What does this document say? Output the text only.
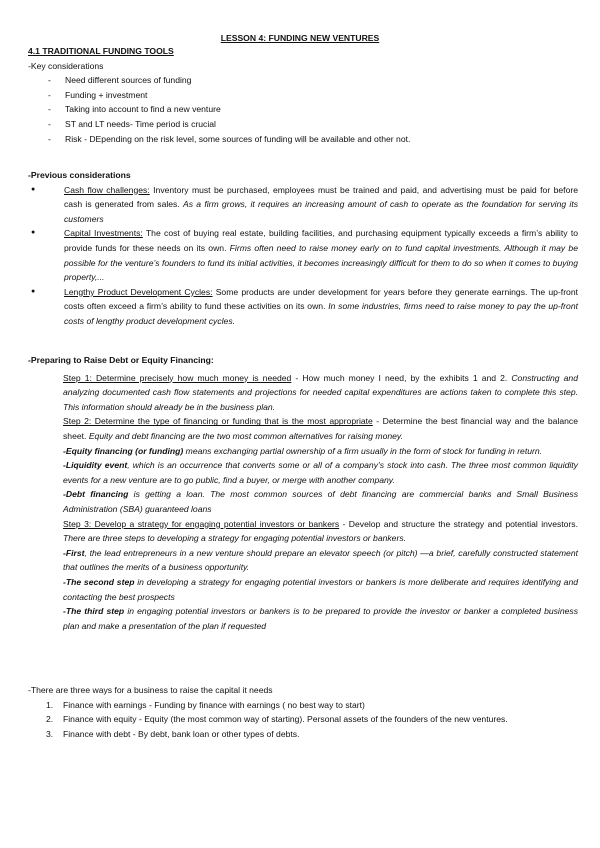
LESSON 4: FUNDING NEW VENTURES
4.1 TRADITIONAL FUNDING TOOLS
-Key considerations
- Need different sources of funding
- Funding + investment
- Taking into account to find a new venture
- ST and LT needs- Time period is crucial
- Risk - DEpending on the risk level, some sources of funding will be available and other not.
-Previous considerations
● Cash flow challenges: Inventory must be purchased, employees must be trained and paid, and advertising must be paid for before cash is generated from sales. As a firm grows, it requires an increasing amount of cash to operate as the foundation for serving its customers
● Capital Investments: The cost of buying real estate, building facilities, and purchasing equipment typically exceeds a firm’s ability to provide funds for these needs on its own. Firms often need to raise money early on to fund capital investments. Although it may be possible for the venture’s founders to fund its initial activities, it becomes increasingly difficult for them to do so when it comes to buying property,...
● Lengthy Product Development Cycles: Some products are under development for years before they generate earnings. The up-front costs often exceed a firm’s ability to fund these activities on its own. In some industries, firms need to raise money to pay the up-front costs of lengthy product development cycles.
-Preparing to Raise Debt or Equity Financing:
Step 1: Determine precisely how much money is needed - How much money I need, by the exhibits 1 and 2. Constructing and analyzing documented cash flow statements and projections for needed capital expenditures are actions taken to complete this step. This information should already be in the business plan.
Step 2: Determine the type of financing or funding that is the most appropriate - Determine the best financial way and the balance sheet. Equity and debt financing are the two most common alternatives for raising money.
-Equity financing (or funding) means exchanging partial ownership of a firm usually in the form of stock for funding in return.
-Liquidity event, which is an occurrence that converts some or all of a company’s stock into cash. The three most common liquidity events for a new venture are to go public, find a buyer, or merge with another company.
-Debt financing is getting a loan. The most common sources of debt financing are commercial banks and Small Business Administration (SBA) guaranteed loans
Step 3: Develop a strategy for engaging potential investors or bankers - Develop and structure the strategy and potential investors. There are three steps to developing a strategy for engaging potential investors or bankers.
-First, the lead entrepreneurs in a new venture should prepare an elevator speech (or pitch) —a brief, carefully constructed statement that outlines the merits of a business opportunity.
-The second step in developing a strategy for engaging potential investors or bankers is more deliberate and requires identifying and contacting the best prospects
-The third step in engaging potential investors or bankers is to be prepared to provide the investor or banker a completed business plan and make a presentation of the plan if requested
-There are three ways for a business to raise the capital it needs
1. Finance with earnings - Funding by finance with earnings ( no best way to start)
2. Finance with equity - Equity (the most common way of starting). Personal assets of the founders of the new ventures.
3. Finance with debt - By debt, bank loan or other types of debts.
